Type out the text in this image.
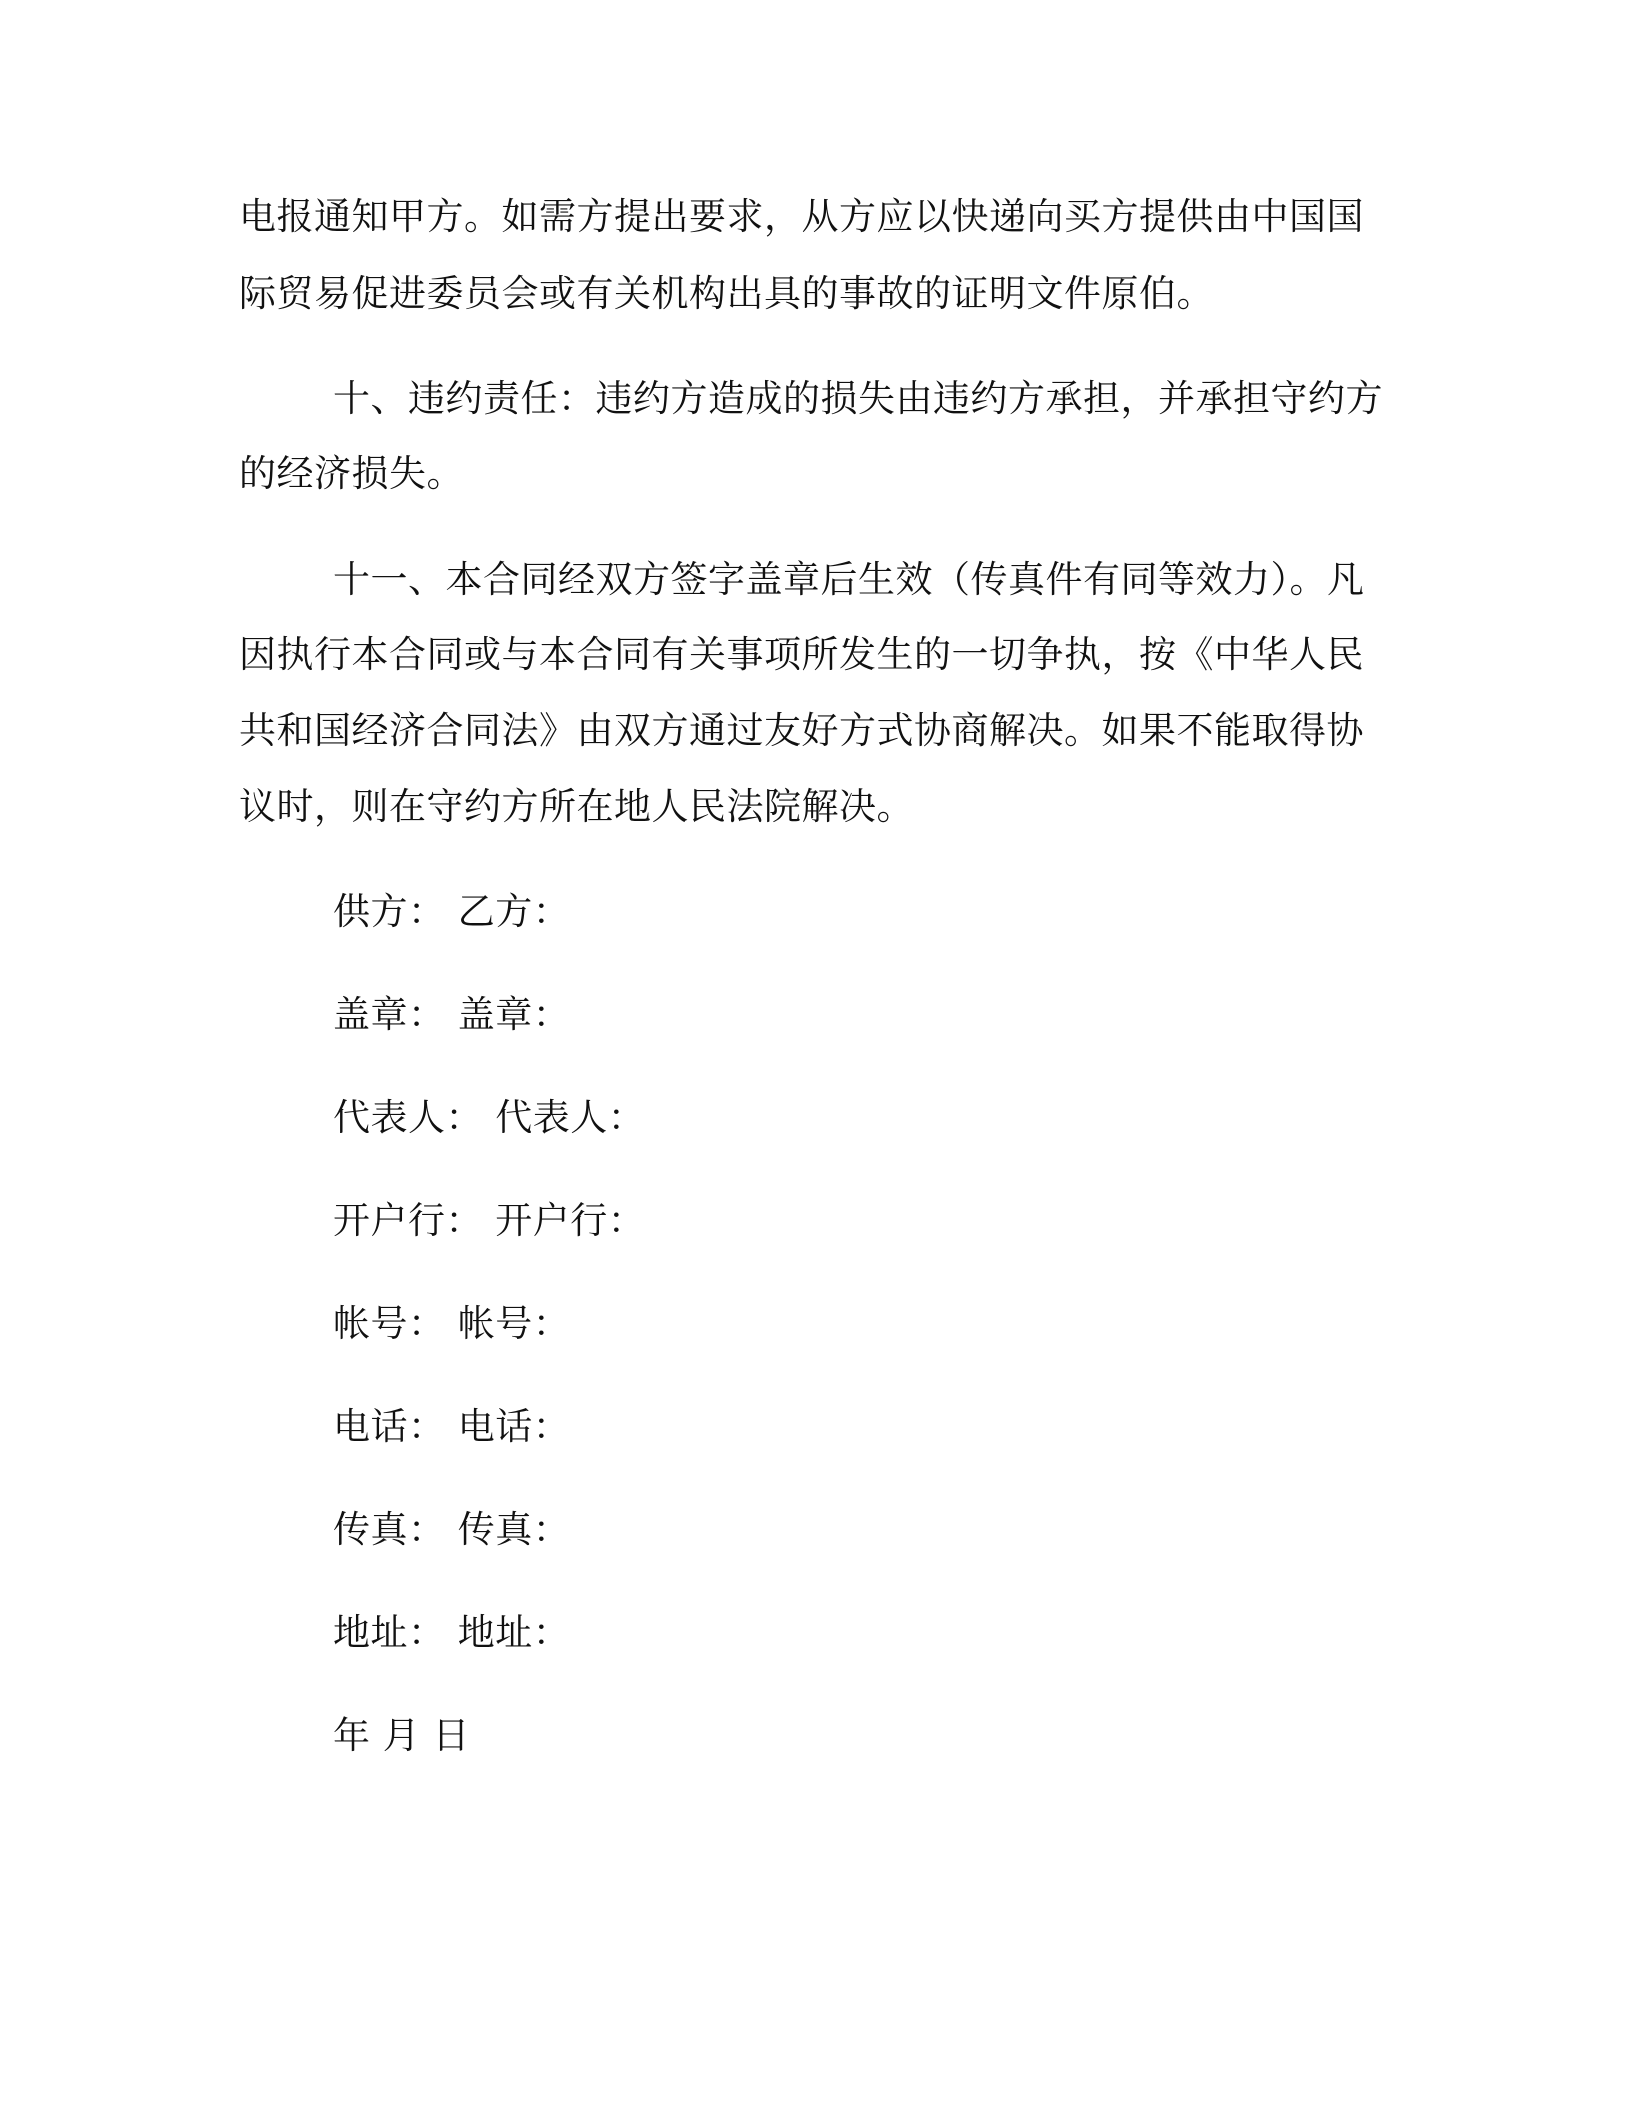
电报通知甲方。如需方提出要求，从方应以快递向买方提供由中国国
际贸易促进委员会或有关机构出具的事故的证明文件原伯。
十、违约责任：违约方造成的损失由违约方承担，并承担守约方
的经济损失。
十一、本合同经双方签字盖章后生效（传真件有同等效力）。凡
因执行本合同或与本合同有关事项所发生的一切争执，按《中华人民
共和国经济合同法》由双方通过友好方式协商解决。如果不能取得协
议时，则在守约方所在地人民法院解决。
供方： 乙方：
盖章： 盖章：
代表人： 代表人：
开户行： 开户行：
帐号： 帐号：
电话： 电话：
传真： 传真：
地址： 地址：
年 月 日
